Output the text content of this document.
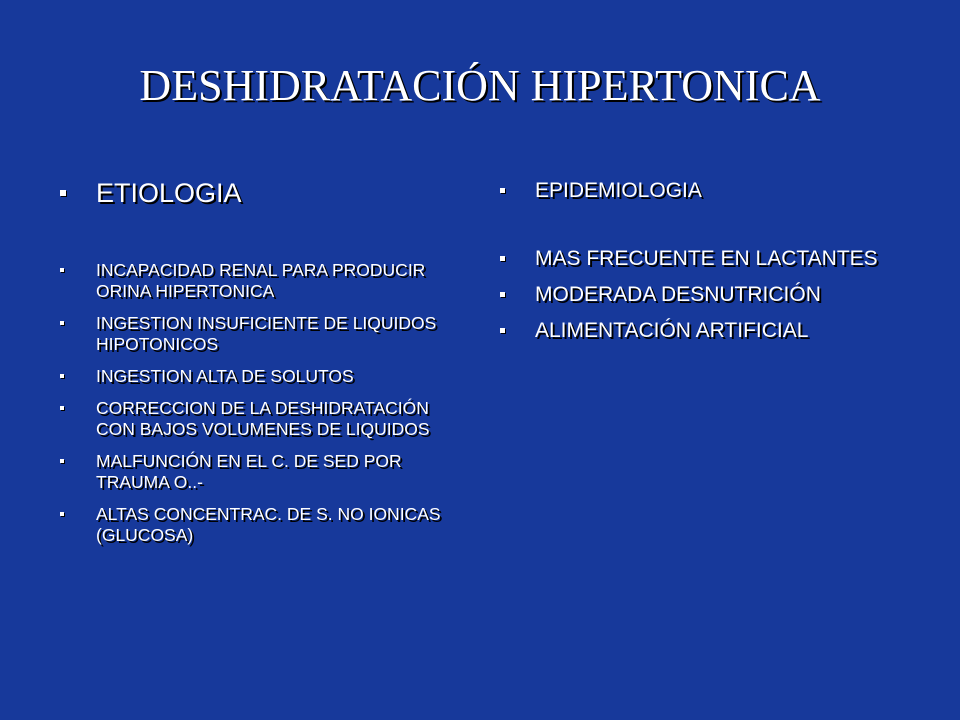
DESHIDRATACIÓN HIPERTONICA
ETIOLOGIA
INCAPACIDAD RENAL PARA PRODUCIR ORINA HIPERTONICA
INGESTION INSUFICIENTE DE LIQUIDOS HIPOTONICOS
INGESTION ALTA DE SOLUTOS
CORRECCION DE LA DESHIDRATACIÓN CON BAJOS VOLUMENES DE LIQUIDOS
MALFUNCIÓN EN EL C. DE SED POR TRAUMA O..-
ALTAS CONCENTRAC. DE S. NO IONICAS (GLUCOSA)
EPIDEMIOLOGIA
MAS FRECUENTE EN LACTANTES
MODERADA DESNUTRICIÓN
ALIMENTACIÓN ARTIFICIAL
